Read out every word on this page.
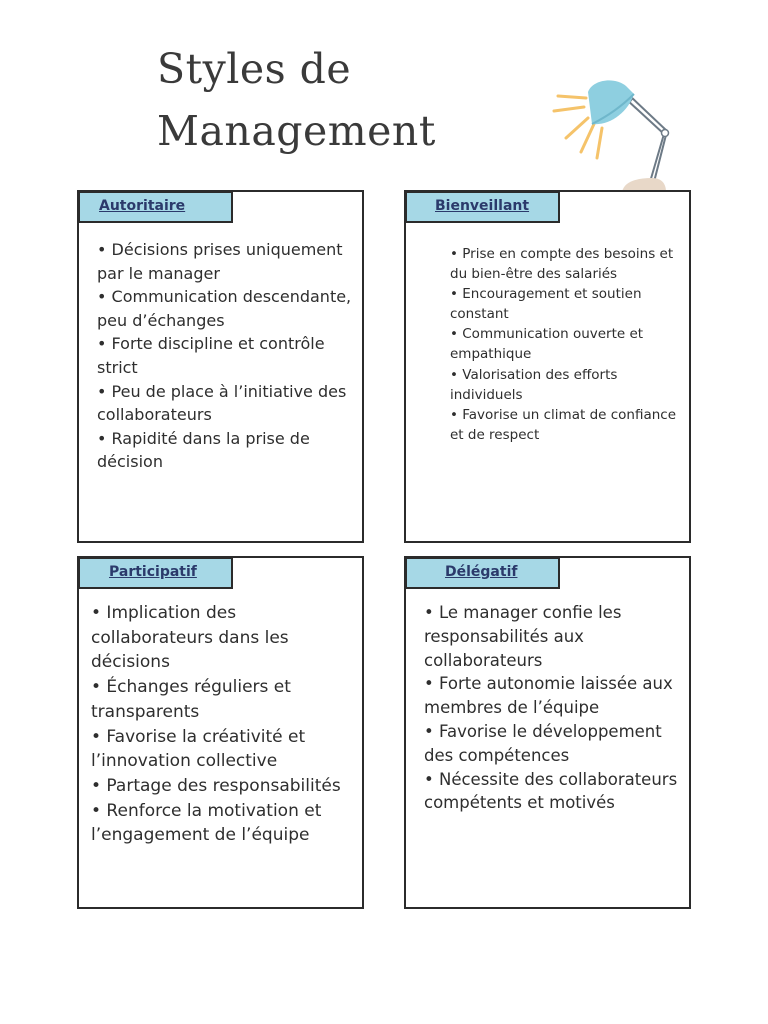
Styles de
Management
Autoritaire
• Décisions prises uniquement par le manager
• Communication descendante, peu d’échanges
• Forte discipline et contrôle strict
• Peu de place à l’initiative des collaborateurs
• Rapidité dans la prise de décision
Bienveillant
• Prise en compte des besoins et du bien-être des salariés
• Encouragement et soutien constant
• Communication ouverte et empathique
• Valorisation des efforts individuels
• Favorise un climat de confiance et de respect
Participatif
• Implication des collaborateurs dans les décisions
• Échanges réguliers et transparents
• Favorise la créativité et l’innovation collective
• Partage des responsabilités
• Renforce la motivation et l’engagement de l’équipe
Délégatif
• Le manager confie les responsabilités aux collaborateurs
• Forte autonomie laissée aux membres de l’équipe
• Favorise le développement des compétences
• Nécessite des collaborateurs compétents et motivés
